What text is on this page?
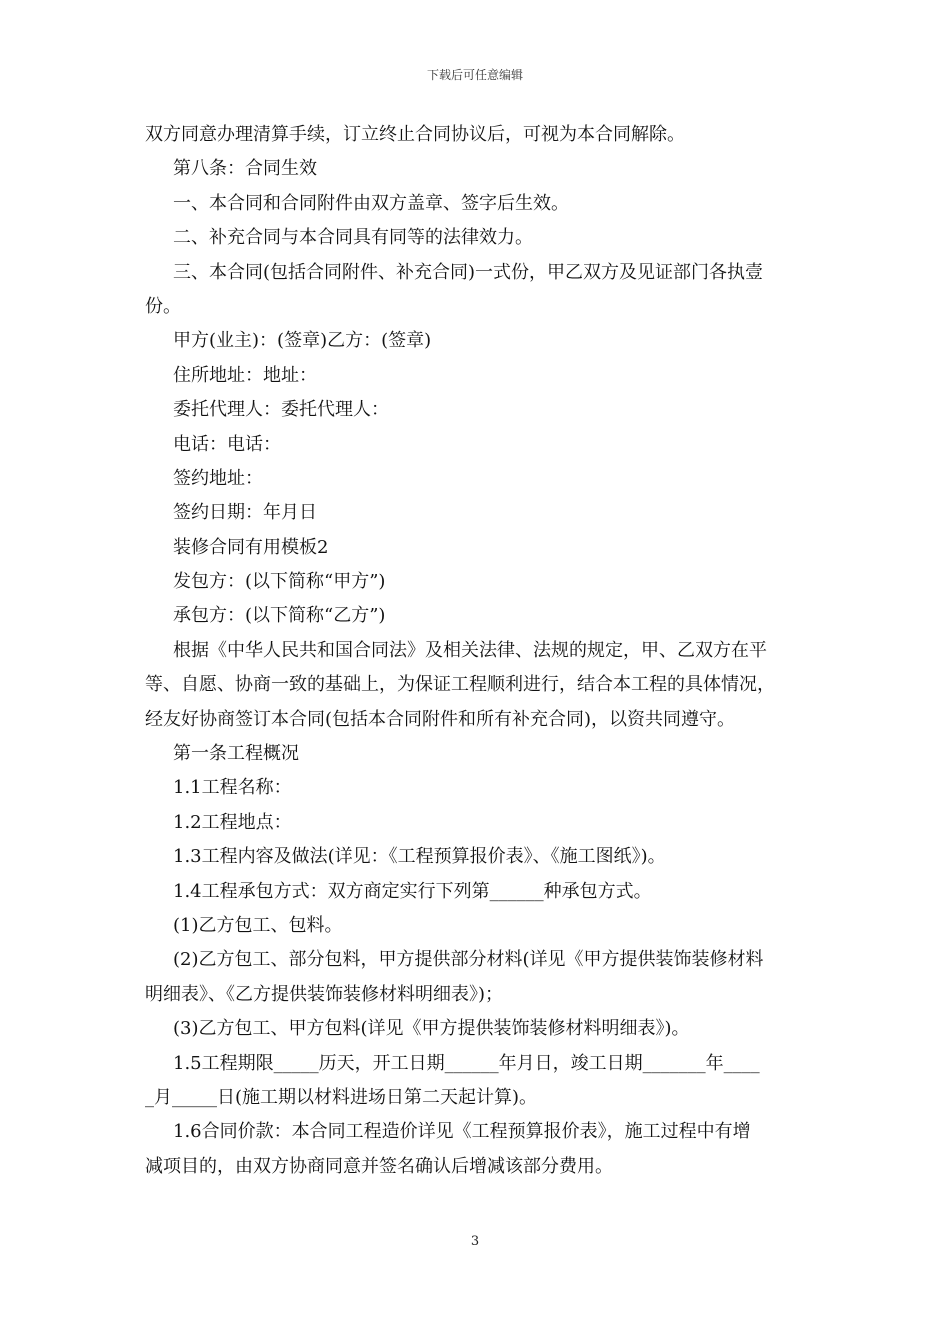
下载后可任意编辑
双方同意办理清算手续，订立终止合同协议后，可视为本合同解除。
第八条：合同生效
一、本合同和合同附件由双方盖章、签字后生效。
二、补充合同与本合同具有同等的法律效力。
三、本合同(包括合同附件、补充合同)一式份，甲乙双方及见证部门各执壹
份。
甲方(业主)：(签章)乙方：(签章)
住所地址：地址：
委托代理人：委托代理人：
电话：电话：
签约地址：
签约日期：年月日
装修合同有用模板2
发包方：(以下简称“甲方”)
承包方：(以下简称“乙方”)
根据《中华人民共和国合同法》及相关法律、法规的规定，甲、乙双方在平
等、自愿、协商一致的基础上，为保证工程顺利进行，结合本工程的具体情况，
经友好协商签订本合同(包括本合同附件和所有补充合同)，以资共同遵守。
第一条工程概况
1.1工程名称：
1.2工程地点：
1.3工程内容及做法(详见：《工程预算报价表》、《施工图纸》)。
1.4工程承包方式：双方商定实行下列第______种承包方式。
(1)乙方包工、包料。
(2)乙方包工、部分包料，甲方提供部分材料(详见《甲方提供装饰装修材料
明细表》、《乙方提供装饰装修材料明细表》)；
(3)乙方包工、甲方包料(详见《甲方提供装饰装修材料明细表》)。
1.5工程期限_____历天，开工日期______年月日，竣工日期_______年____
_月_____日(施工期以材料进场日第二天起计算)。
1.6合同价款：本合同工程造价详见《工程预算报价表》，施工过程中有增
减项目的，由双方协商同意并签名确认后增减该部分费用。
3
